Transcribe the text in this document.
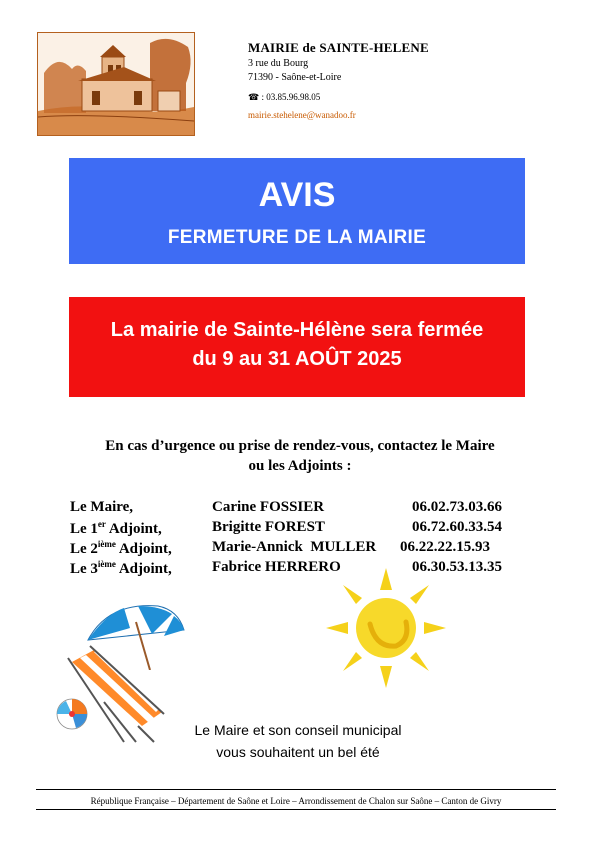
MAIRIE de SAINTE-HELENE
3 rue du Bourg
71390 - Saône-et-Loire
☎ : 03.85.96.98.05
mairie.stehelene@wanadoo.fr
AVIS
FERMETURE DE LA MAIRIE
La mairie de Sainte-Hélène sera fermée
du 9 au 31 AOÛT 2025
En cas d’urgence ou prise de rendez-vous, contactez le Maire
ou les Adjoints :
Le Maire,	Carine FOSSIER	06.02.73.03.66
Le 1er Adjoint,	Brigitte FOREST	06.72.60.33.54
Le 2ième Adjoint,	Marie-Annick  MULLER 06.22.22.15.93
Le 3ième Adjoint,	Fabrice HERRERO	06.30.53.13.35
Le Maire et son conseil municipal
vous souhaitent un bel été
République Française – Département de Saône et Loire – Arrondissement de Chalon sur Saône – Canton de Givry
